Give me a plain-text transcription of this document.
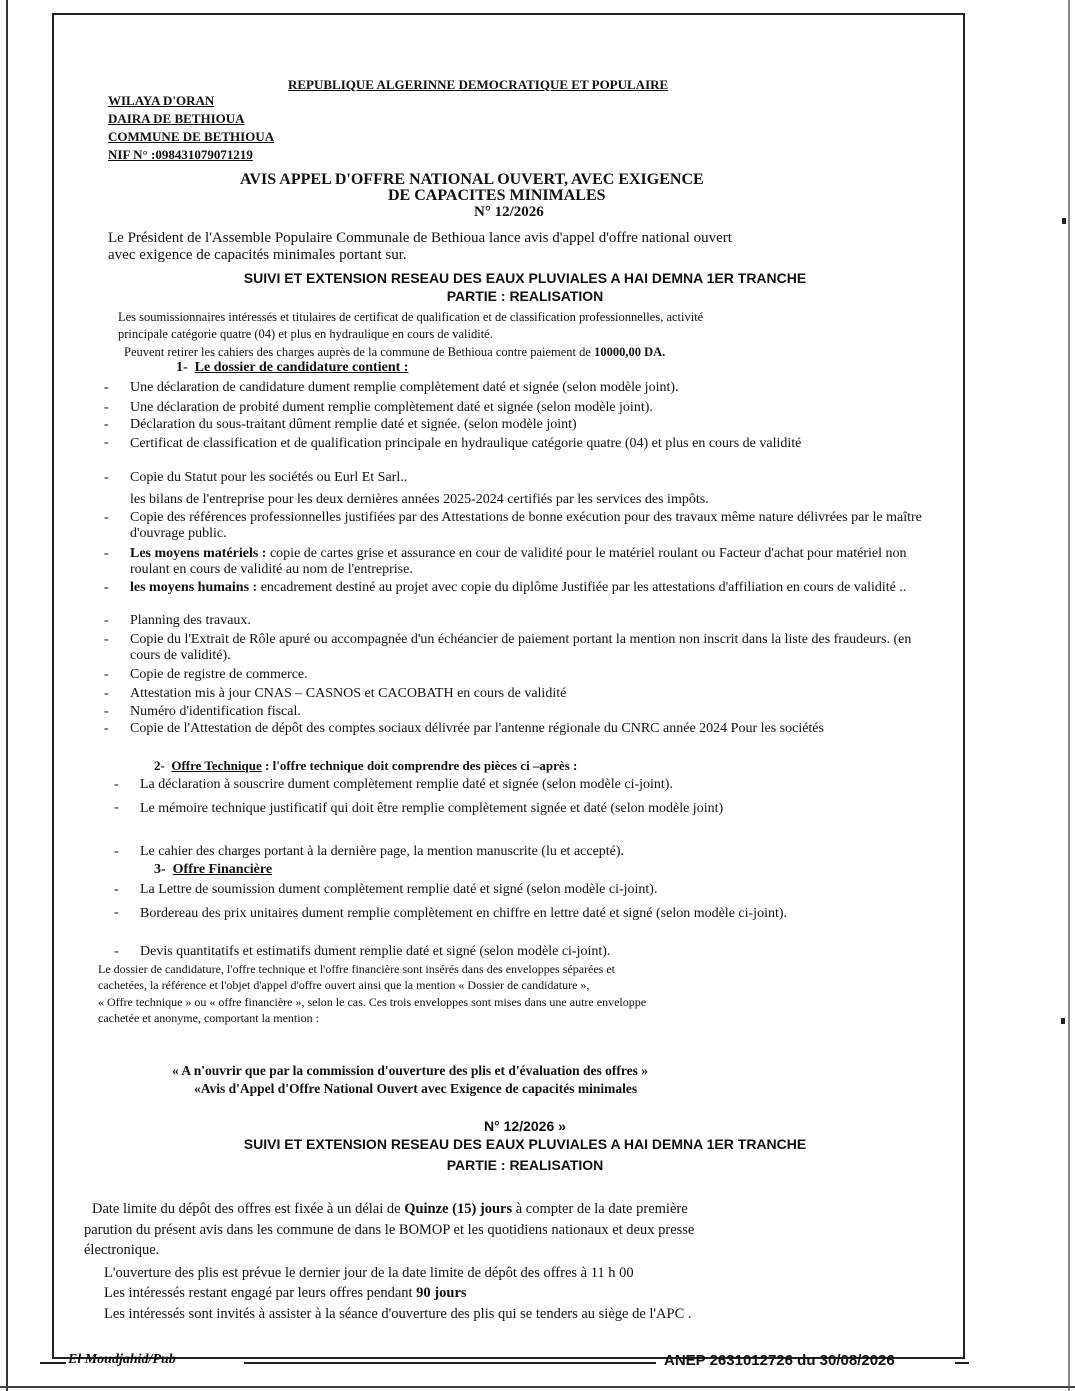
REPUBLIQUE ALGERINNE DEMOCRATIQUE ET POPULAIRE
WILAYA D'ORAN
DAIRA DE BETHIOUA
COMMUNE DE BETHIOUA
NIF N° :098431079071219
AVIS APPEL D'OFFRE NATIONAL OUVERT, AVEC EXIGENCE
DE CAPACITES MINIMALES
N° 12/2026
Le Président de l'Assemble Populaire Communale de Bethioua lance avis d'appel d'offre national ouvert
avec exigence de capacités minimales portant sur.
SUIVI ET EXTENSION RESEAU DES EAUX PLUVIALES A HAI DEMNA 1ER TRANCHE
PARTIE : REALISATION
Les soumissionnaires intéressés et titulaires de certificat de qualification et de classification professionnelles, activité
principale catégorie quatre (04) et plus en hydraulique en cours de validité.
Peuvent retirer les cahiers des charges auprès de la commune de Bethioua contre paiement de 10000,00 DA.
1- Le dossier de candidature contient :
- Une déclaration de candidature dument remplie complètement daté et signée (selon modèle joint).
- Une déclaration de probité dument remplie complètement daté et signée (selon modèle joint).
- Déclaration du sous-traitant dûment remplie daté et signée. (selon modèle joint)
- Certificat de classification et de qualification principale en hydraulique catégorie quatre (04) et plus en cours de validité
- Copie du Statut pour les sociétés ou Eurl Et Sarl..
les bilans de l'entreprise pour les deux dernières années 2025-2024 certifiés par les services des impôts.
- Copie des références professionnelles justifiées par des Attestations de bonne exécution pour des travaux même nature délivrées par le maître d'ouvrage public.
- Les moyens matériels : copie de cartes grise et assurance en cour de validité pour le matériel roulant ou Facteur d'achat pour matériel non roulant en cours de validité au nom de l'entreprise.
- les moyens humains : encadrement destiné au projet avec copie du diplôme Justifiée par les attestations d'affiliation en cours de validité ..
- Planning des travaux.
- Copie du l'Extrait de Rôle apuré ou accompagnée d'un échéancier de paiement portant la mention non inscrit dans la liste des fraudeurs. (en cours de validité).
- Copie de registre de commerce.
- Attestation mis à jour CNAS – CASNOS et CACOBATH en cours de validité
- Numéro d'identification fiscal.
- Copie de l'Attestation de dépôt des comptes sociaux délivrée par l'antenne régionale du CNRC année 2024 Pour les sociétés
2- Offre Technique : l'offre technique doit comprendre des pièces ci –après :
- La déclaration à souscrire dument complètement remplie daté et signée (selon modèle ci-joint).
- Le mémoire technique justificatif qui doit être remplie complètement signée et daté (selon modèle joint)
- Le cahier des charges portant à la dernière page, la mention manuscrite (lu et accepté).
3- Offre Financière
- La Lettre de soumission dument complètement remplie daté et signé (selon modèle ci-joint).
- Bordereau des prix unitaires dument remplie complètement en chiffre en lettre daté et signé (selon modèle ci-joint).
- Devis quantitatifs et estimatifs dument remplie daté et signé (selon modèle ci-joint).
Le dossier de candidature, l'offre technique et l'offre financière sont insérés dans des enveloppes séparées et
cachetées, la référence et l'objet d'appel d'offre ouvert ainsi que la mention « Dossier de candidature »,
« Offre technique » ou « offre financière », selon le cas. Ces trois enveloppes sont mises dans une autre enveloppe
cachetée et anonyme, comportant la mention :
« A n'ouvrir que par la commission d'ouverture des plis et d'évaluation des offres »
«Avis d'Appel d'Offre National Ouvert avec Exigence de capacités minimales
N° 12/2026 »
SUIVI ET EXTENSION RESEAU DES EAUX PLUVIALES A HAI DEMNA 1ER TRANCHE
PARTIE : REALISATION
Date limite du dépôt des offres est fixée à un délai de Quinze (15) jours à compter de la date première
parution du présent avis dans les commune de dans le BOMOP et les quotidiens nationaux et deux presse
électronique.
L'ouverture des plis est prévue le dernier jour de la date limite de dépôt des offres à 11 h 00
Les intéressés restant engagé par leurs offres pendant 90 jours
Les intéressés sont invités à assister à la séance d'ouverture des plis qui se tenders au siège de l'APC .
El Moudjahid/Pub	ANEP 2631012726 du 30/08/2026
